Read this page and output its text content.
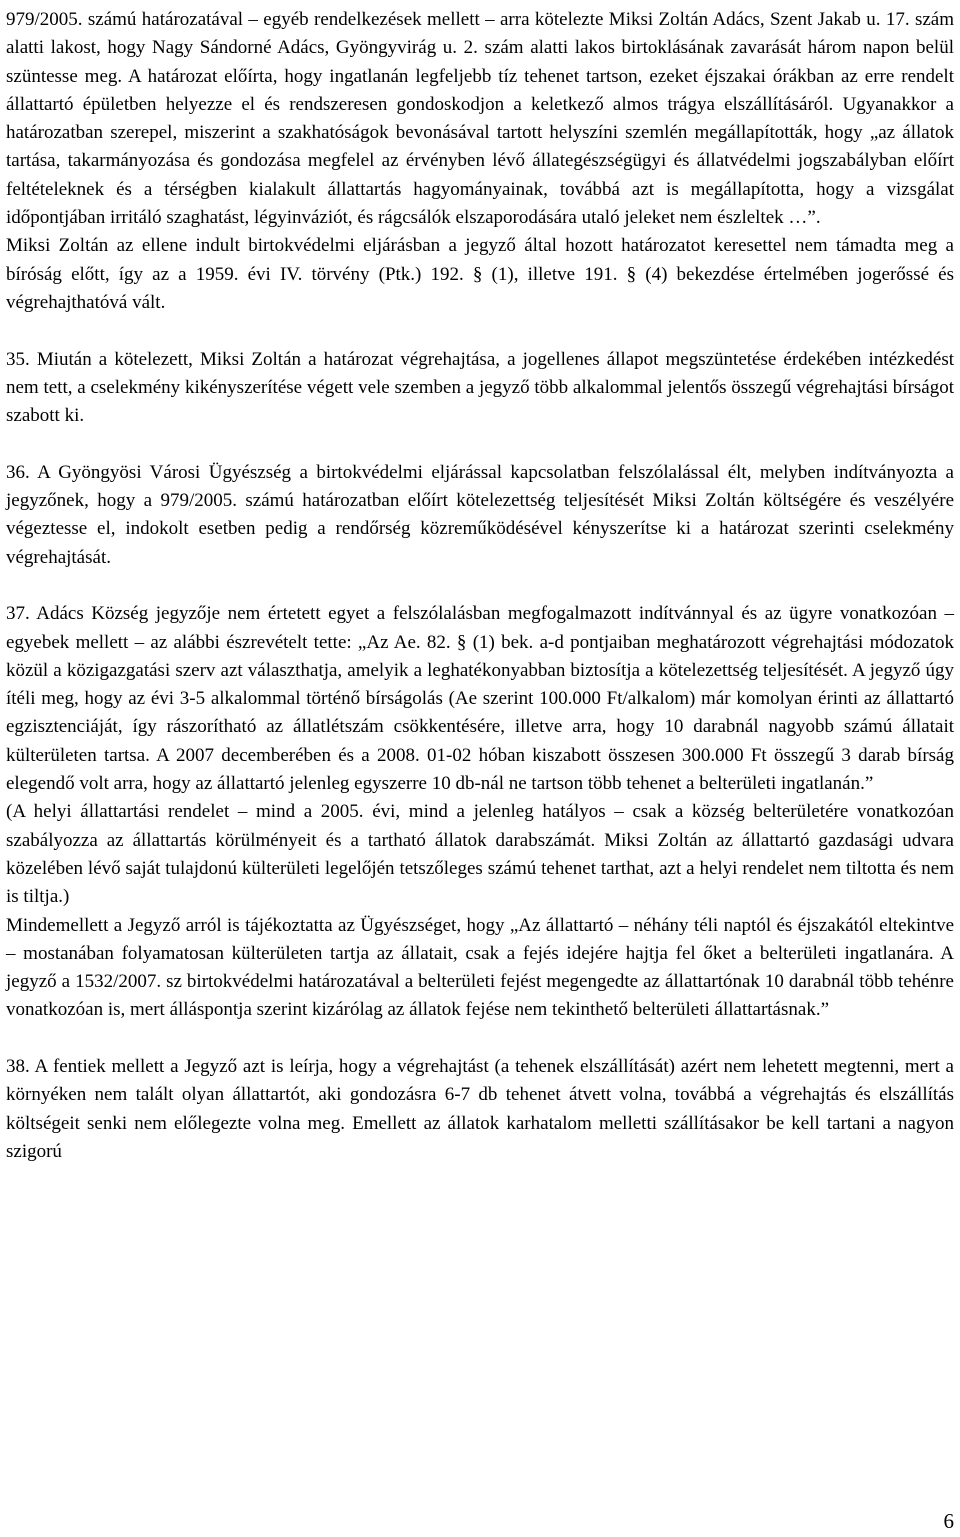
979/2005. számú határozatával – egyéb rendelkezések mellett – arra kötelezte Miksi Zoltán Adács, Szent Jakab u. 17. szám alatti lakost, hogy Nagy Sándorné Adács, Gyöngyvirág u. 2. szám alatti lakos birtoklásának zavarását három napon belül szüntesse meg. A határozat előírta, hogy ingatlanán legfeljebb tíz tehenet tartson, ezeket éjszakai órákban az erre rendelt állattartó épületben helyezze el és rendszeresen gondoskodjon a keletkező almos trágya elszállításáról. Ugyanakkor a határozatban szerepel, miszerint a szakhatóságok bevonásával tartott helyszíni szemlén megállapították, hogy „az állatok tartása, takarmányozása és gondozása megfelel az érvényben lévő állategészségügyi és állatvédelmi jogszabályban előírt feltételeknek és a térségben kialakult állattartás hagyományainak, továbbá azt is megállapította, hogy a vizsgálat időpontjában irritáló szaghatást, légyinváziót, és rágcsálók elszaporodására utaló jeleket nem észleltek …”.

Miksi Zoltán az ellene indult birtokvédelmi eljárásban a jegyző által hozott határozatot keresettel nem támadta meg a bíróság előtt, így az a 1959. évi IV. törvény (Ptk.) 192. § (1), illetve 191. § (4) bekezdése értelmében jogerőssé és végrehajthatóvá vált.

35. Miután a kötelezett, Miksi Zoltán a határozat végrehajtása, a jogellenes állapot megszüntetése érdekében intézkedést nem tett, a cselekmény kikényszerítése végett vele szemben a jegyző több alkalommal jelentős összegű végrehajtási bírságot szabott ki.

36. A Gyöngyösi Városi Ügyészség a birtokvédelmi eljárással kapcsolatban felszólalással élt, melyben indítványozta a jegyzőnek, hogy a 979/2005. számú határozatban előírt kötelezettség teljesítését Miksi Zoltán költségére és veszélyére végeztesse el, indokolt esetben pedig a rendőrség közreműködésével kényszerítse ki a határozat szerinti cselekmény végrehajtását.

37. Adács Község jegyzője nem értetett egyet a felszólalásban megfogalmazott indítvánnyal és az ügyre vonatkozóan – egyebek mellett – az alábbi észrevételt tette: „Az Ae. 82. § (1) bek. a-d pontjaiban meghatározott végrehajtási módozatok közül a közigazgatási szerv azt választhatja, amelyik a leghatékonyabban biztosítja a kötelezettség teljesítését. A jegyző úgy ítéli meg, hogy az évi 3-5 alkalommal történő bírságolás (Ae szerint 100.000 Ft/alkalom) már komolyan érinti az állattartó egzisztenciáját, így rászorítható az állatlétszám csökkentésére, illetve arra, hogy 10 darabnál nagyobb számú állatait külterületen tartsa. A 2007 decemberében és a 2008. 01-02 hóban kiszabott összesen 300.000 Ft összegű 3 darab bírság elegendő volt arra, hogy az állattartó jelenleg egyszerre 10 db-nál ne tartson több tehenet a belterületi ingatlanán.”

(A helyi állattartási rendelet – mind a 2005. évi, mind a jelenleg hatályos – csak a község belterületére vonatkozóan szabályozza az állattartás körülményeit és a tartható állatok darabszámát. Miksi Zoltán az állattartó gazdasági udvara közelében lévő saját tulajdonú külterületi legelőjén tetszőleges számú tehenet tarthat, azt a helyi rendelet nem tiltotta és nem is tiltja.)

Mindemellett a Jegyző arról is tájékoztatta az Ügyészséget, hogy „Az állattartó – néhány téli naptól és éjszakától eltekintve – mostanában folyamatosan külterületen tartja az állatait, csak a fejés idejére hajtja fel őket a belterületi ingatlanára. A jegyző a 1532/2007. sz birtokvédelmi határozatával a belterületi fejést megengedte az állattartónak 10 darabnál több tehénre vonatkozóan is, mert álláspontja szerint kizárólag az állatok fejése nem tekinthető belterületi állattartásnak.”

38. A fentiek mellett a Jegyző azt is leírja, hogy a végrehajtást (a tehenek elszállítását) azért nem lehetett megtenni, mert a környéken nem talált olyan állattartót, aki gondozásra 6-7 db tehenet átvett volna, továbbá a végrehajtás és elszállítás költségeit senki nem előlegezte volna meg. Emellett az állatok karhatalom melletti szállításakor be kell tartani a nagyon szigorú

6
